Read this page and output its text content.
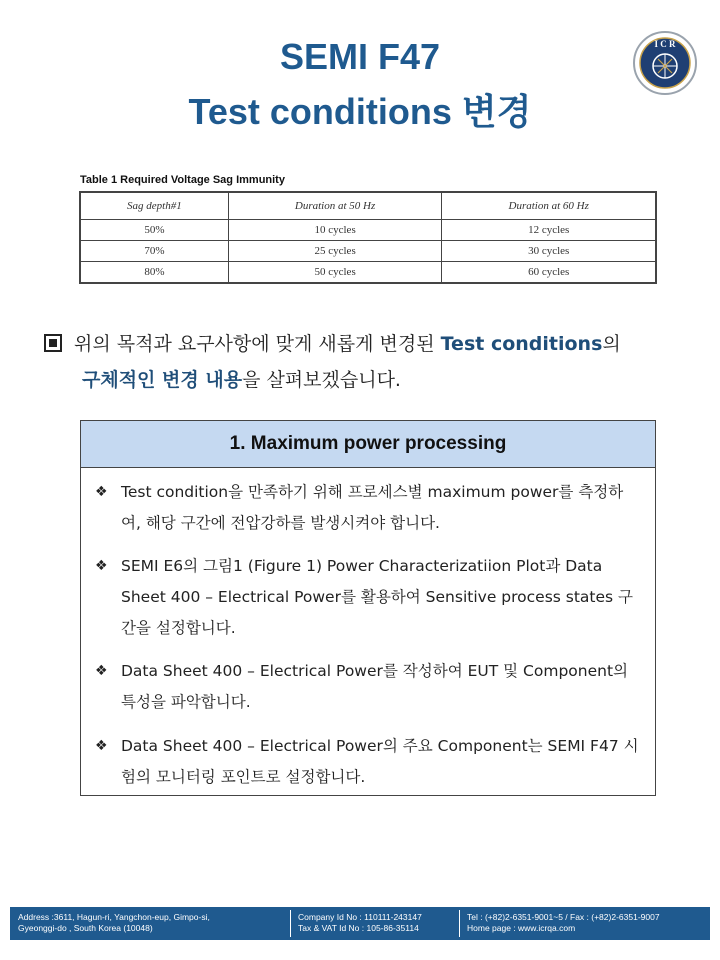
SEMI F47
Test conditions 변경
I C R
Table 1 Required Voltage Sag Immunity
Sag depth#1	Duration at 50 Hz	Duration at 60 Hz
50%	10 cycles	12 cycles
70%	25 cycles	30 cycles
80%	50 cycles	60 cycles
위의 목적과 요구사항에 맞게 새롭게 변경된 Test conditions의
구체적인 변경 내용을 살펴보겠습니다.
1. Maximum power processing
❖ Test condition을 만족하기 위해 프로세스별 maximum power를 측정하여, 해당 구간에 전압강하를 발생시켜야 합니다.
❖ SEMI E6의 그림1 (Figure 1) Power Characterizatiion Plot과 Data Sheet 400 – Electrical Power를 활용하여 Sensitive process states 구간을 설정합니다.
❖ Data Sheet 400 – Electrical Power를 작성하여 EUT 및 Component의 특성을 파악합니다.
❖ Data Sheet 400 – Electrical Power의 주요 Component는 SEMI F47 시험의 모니터링 포인트로 설정합니다.
Address :3611, Hagun-ri, Yangchon-eup, Gimpo-si,
Gyeonggi-do , South Korea (10048)
Company Id No : 110111-243147
Tax & VAT Id No : 105-86-35114
Tel : (+82)2-6351-9001~5 / Fax : (+82)2-6351-9007
Home page : www.icrqa.com
